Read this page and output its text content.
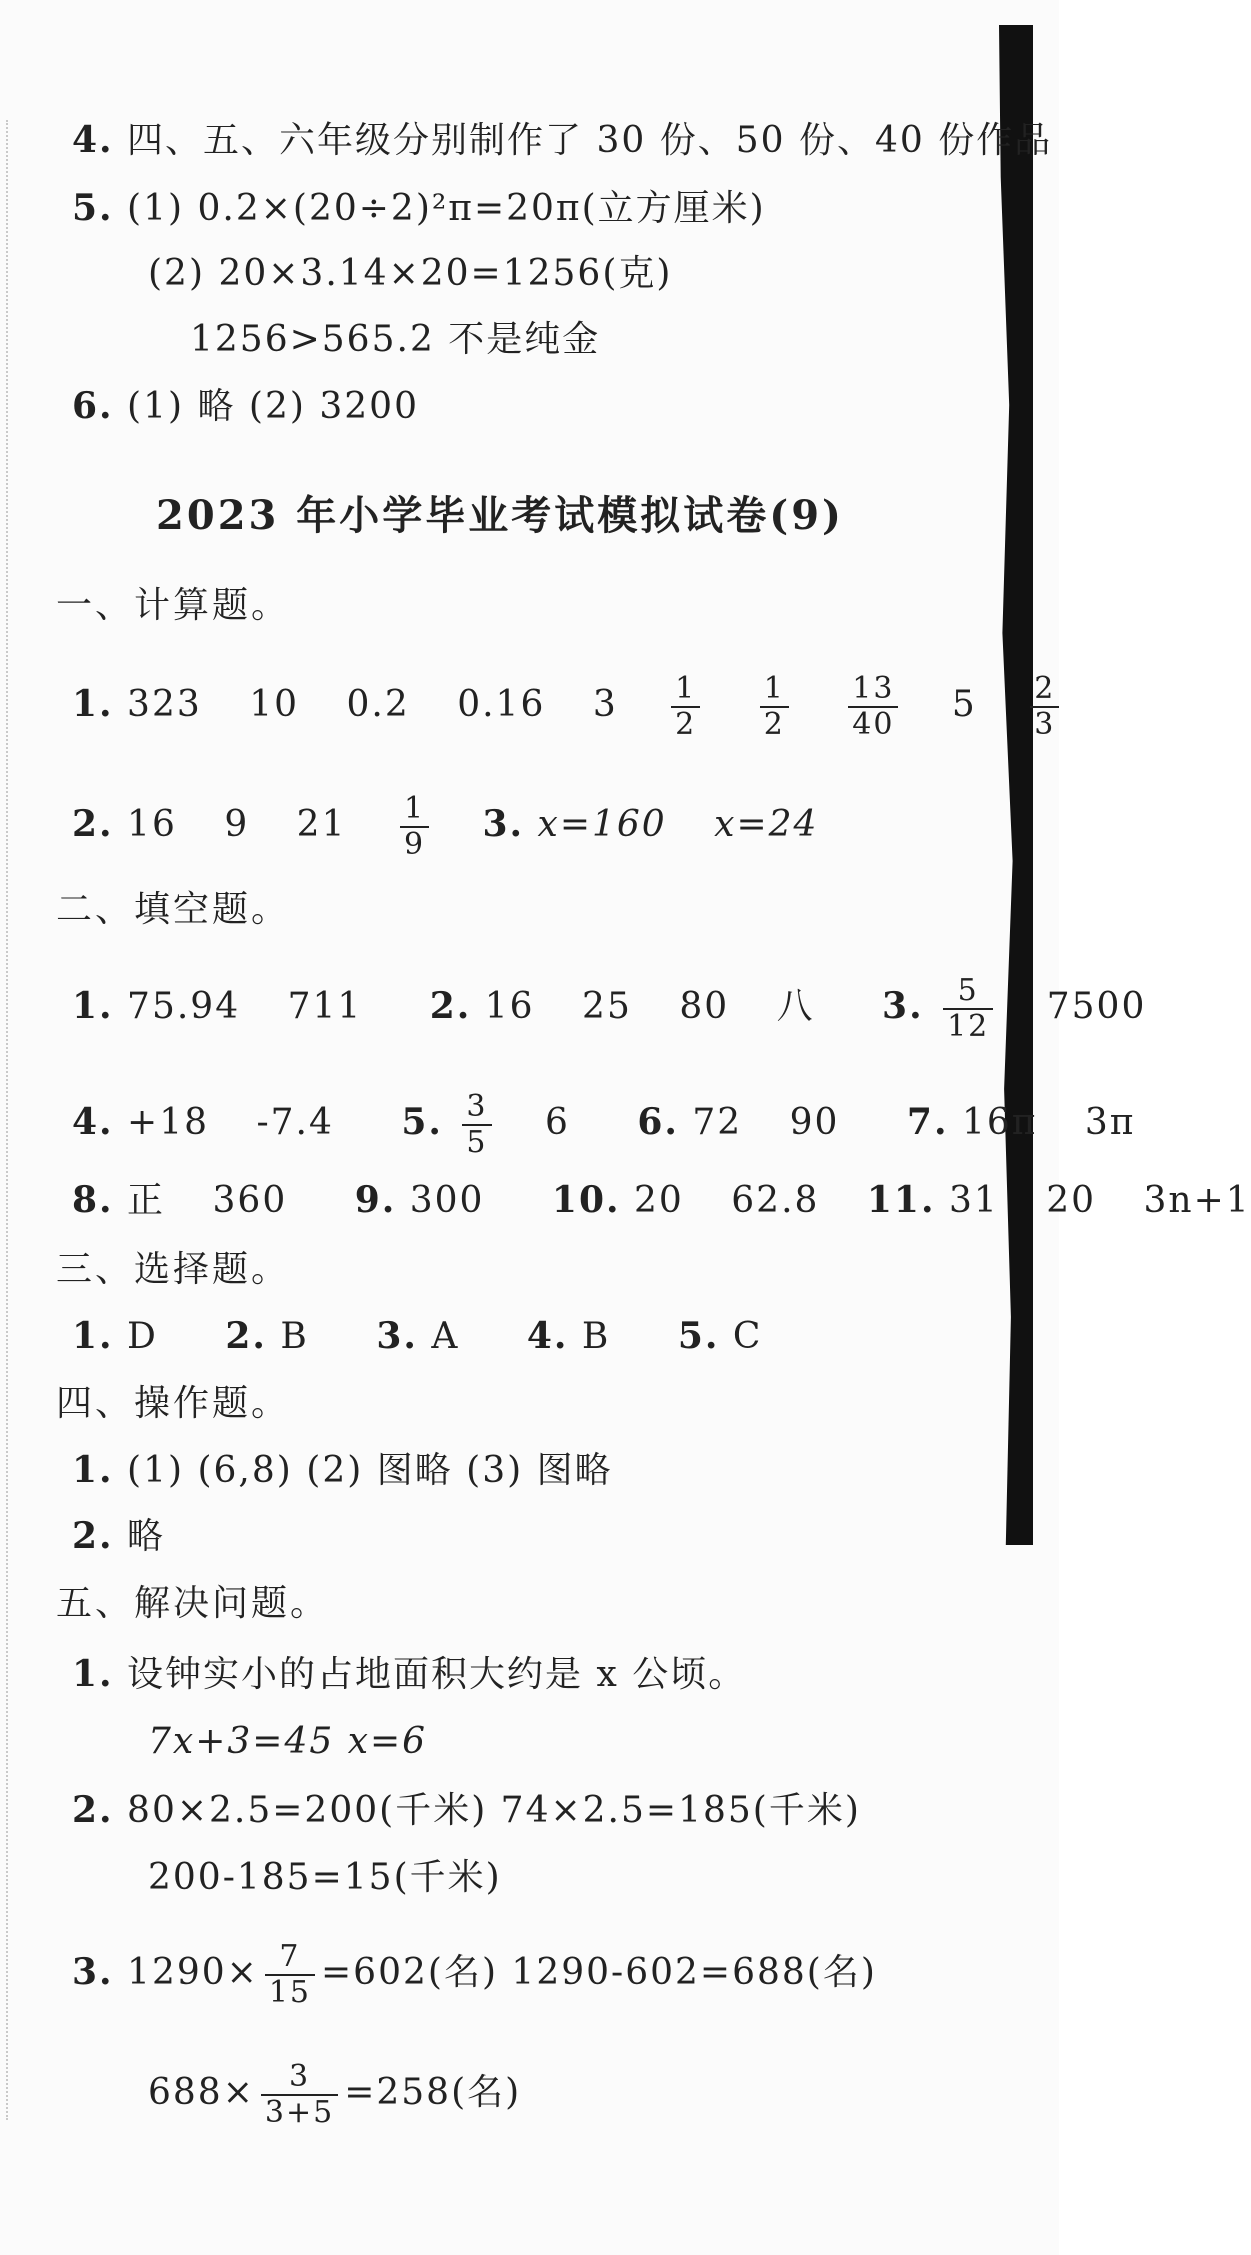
4. 四、五、六年级分别制作了 30 份、50 份、40 份作品
5. (1) 0.2×(20÷2)²π=20π(立方厘米)
(2) 20×3.14×20=1256(克)
1256>565.2 不是纯金
6. (1) 略 (2) 3200
2023 年小学毕业考试模拟试卷(9)
一、计算题。
1. 323 10 0.2 0.16 $3 \frac{1}{2}$
$\frac{1}{2}$
$\frac{13}{40} 5 \frac{2}{3}$
2. 16 9 $21 \frac{1}{9} 3$. x=160 x=24
二、填空题。
1. 75.94 711 2. 16 25 80 八 3. $\frac{5}{12} 7500$
4. +18 -7.4 5. $\frac{3}{5} 6$ 6. 72 90 7. 16π 3π
8. 正 360 9. 300 10. 20 62.8 11. 31 20 3n+1
三、选择题。
1. D 2. B 3. A 4. B 5. C
四、操作题。
1. (1) (6,8) (2) 图略 (3) 图略
2. 略
五、解决问题。
1. 设钟实小的占地面积大约是 x 公顷。
7x+3=45 x=6
2. 80×2.5=200(千米) 74×2.5=185(千米)
200-185=15(千米)
3. $1290\times \frac{7}{15} =602$(名) 1290-602=688(名)
$688\times \frac{3}{3+5} =258$(名)
